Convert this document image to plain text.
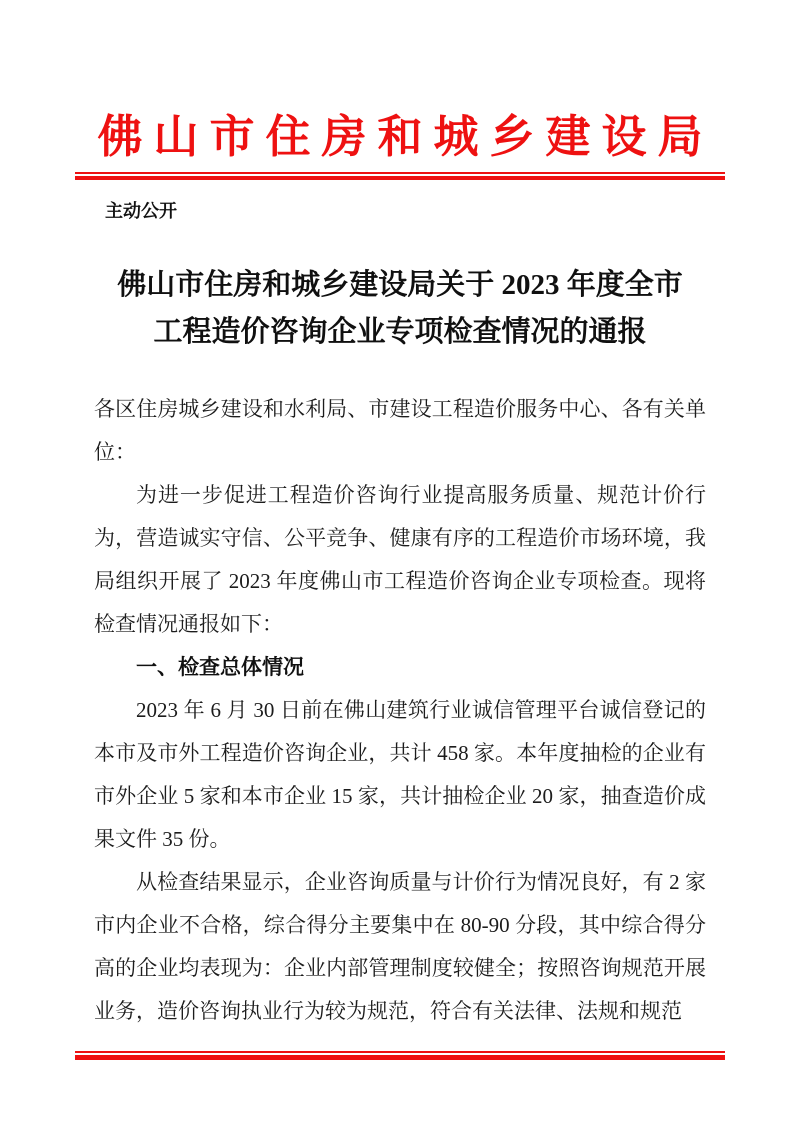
佛山市住房和城乡建设局
主动公开
佛山市住房和城乡建设局关于 2023 年度全市
工程造价咨询企业专项检查情况的通报

各区住房城乡建设和水利局、市建设工程造价服务中心、各有关单位：

为进一步促进工程造价咨询行业提高服务质量、规范计价行为，营造诚实守信、公平竞争、健康有序的工程造价市场环境，我局组织开展了 2023 年度佛山市工程造价咨询企业专项检查。现将检查情况通报如下：

一、检查总体情况

2023 年 6 月 30 日前在佛山建筑行业诚信管理平台诚信登记的本市及市外工程造价咨询企业，共计 458 家。本年度抽检的企业有市外企业 5 家和本市企业 15 家，共计抽检企业 20 家，抽查造价成果文件 35 份。

从检查结果显示，企业咨询质量与计价行为情况良好，有 2 家市内企业不合格，综合得分主要集中在 80-90 分段，其中综合得分高的企业均表现为：企业内部管理制度较健全；按照咨询规范开展业务，造价咨询执业行为较为规范，符合有关法律、法规和规范
